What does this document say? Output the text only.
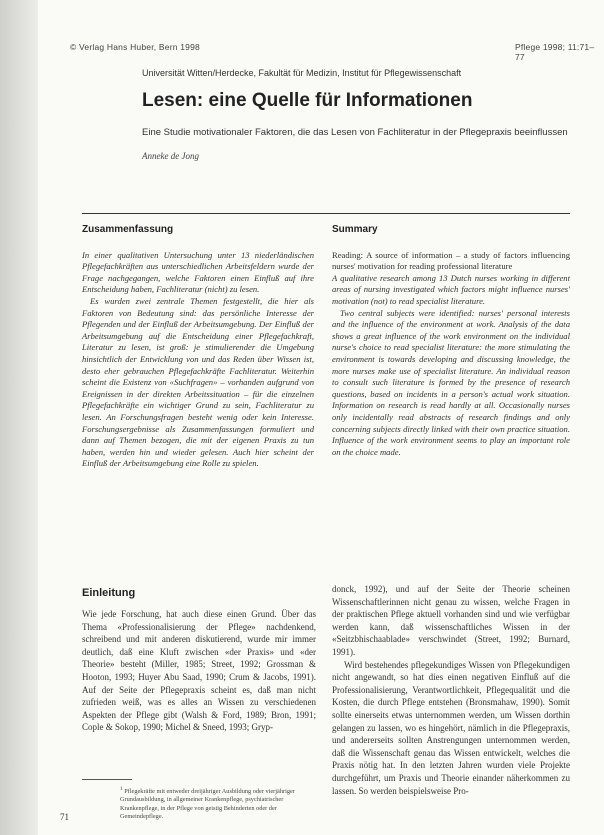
© Verlag Hans Huber, Bern 1998	Pflege 1998; 11:71–77
Universität Witten/Herdecke, Fakultät für Medizin, Institut für Pflegewissenschaft
Lesen: eine Quelle für Informationen
Eine Studie motivationaler Faktoren, die das Lesen von Fachliteratur in der Pflegepraxis beeinflussen
Anneke de Jong
Zusammenfassung

In einer qualitativen Untersuchung unter 13 niederländischen Pflegefachkräften aus unterschiedlichen Arbeitsfeldern wurde der Frage nachgegangen, welche Faktoren einen Einfluß auf ihre Entscheidung haben, Fachliteratur (nicht) zu lesen.

Es wurden zwei zentrale Themen festgestellt, die hier als Faktoren von Bedeutung sind: das persönliche Interesse der Pflegenden und der Einfluß der Arbeitsumgebung. Der Einfluß der Arbeitsumgebung auf die Entscheidung einer Pflegefachkraft, Literatur zu lesen, ist groß: je stimulierender die Umgebung hinsichtlich der Entwicklung von und das Reden über Wissen ist, desto eher gebrauchen Pflegefachkräfte Fachliteratur. Weiterhin scheint die Existenz von «Suchfragen» – vorhanden aufgrund von Ereignissen in der direkten Arbeitssituation – für die einzelnen Pflegefachkräfte ein wichtiger Grund zu sein, Fachliteratur zu lesen. An Forschungsfragen besteht wenig oder kein Interesse. Forschungsergebnisse als Zusammenfassungen formuliert und dann auf Themen bezogen, die mit der eigenen Praxis zu tun haben, werden hin und wieder gelesen. Auch hier scheint der Einfluß der Arbeitsumgebung eine Rolle zu spielen.

Summary

Reading: A source of information – a study of factors influencing nurses' motivation for reading professional literature

A qualitative research among 13 Dutch nurses working in different areas of nursing investigated which factors might influence nurses' motivation (not) to read specialist literature.

Two central subjects were identified: nurses' personal interests and the influence of the environment at work. Analysis of the data shows a great influence of the work environment on the individual nurse's choice to read specialist literature: the more stimulating the environment is towards developing and discussing knowledge, the more nurses make use of specialist literature. An individual reason to consult such literature is formed by the presence of research questions, based on incidents in a person's actual work situation. Information on research is read hardly at all. Occasionally nurses only incidentally read abstracts of research findings and only concerning subjects directly linked with their own practice situation. Influence of the work environment seems to play an important role on the choice made.

Einleitung

Wie jede Forschung, hat auch diese einen Grund. Über das Thema «Professionalisierung der Pflege» nachdenkend, schreibend und mit anderen diskutierend, wurde mir immer deutlich, daß eine Kluft zwischen «der Praxis» und «der Theorie» besteht (Miller, 1985; Street, 1992; Grossman & Hooton, 1993; Huyer Abu Saad, 1990; Crum & Jacobs, 1991). Auf der Seite der Pflegepraxis scheint es, daß man nicht zufrieden weiß, was es alles an Wissen zu verschiedenen Aspekten der Pflege gibt (Walsh & Ford, 1989; Bron, 1991; Cople & Sokop, 1990; Michel & Sneed, 1993; Gryp-

donck, 1992), und auf der Seite der Theorie scheinen Wissenschaftlerinnen nicht genau zu wissen, welche Fragen in der praktischen Pflege aktuell vorhanden sind und wie verfügbar werden kann, daß wissenschaftliches Wissen in der «Seitzbhischaablade» verschwindet (Street, 1992; Burnard, 1991).

Wird bestehendes pflegekundiges Wissen von Pflegekundigen nicht angewandt, so hat dies einen negativen Einfluß auf die Professionalisierung, Verantwortlichkeit, Pflegequalität und die Kosten, die durch Pflege entstehen (Bronsmahaw, 1990). Somit sollte einerseits etwas unternommen werden, um Wissen dorthin gelangen zu lassen, wo es hingehört, nämlich in die Pflegepraxis, und andererseits sollten Anstrengungen unternommen werden, daß die Wissenschaft genau das Wissen entwickelt, welches die Praxis nötig hat. In den letzten Jahren wurden viele Projekte durchgeführt, um Praxis und Theorie einander näherkommen zu lassen. So werden beispielsweise Pro-

$^1$ Pflegekräfte mit entweder dreijähriger Ausbildung oder vierjähriger Grundausbildung, in allgemeiner Krankenpflege, psychiatrischer Krankenpflege, in der Pflege von geistig Behinderten oder der Gemeindepflege.
71
